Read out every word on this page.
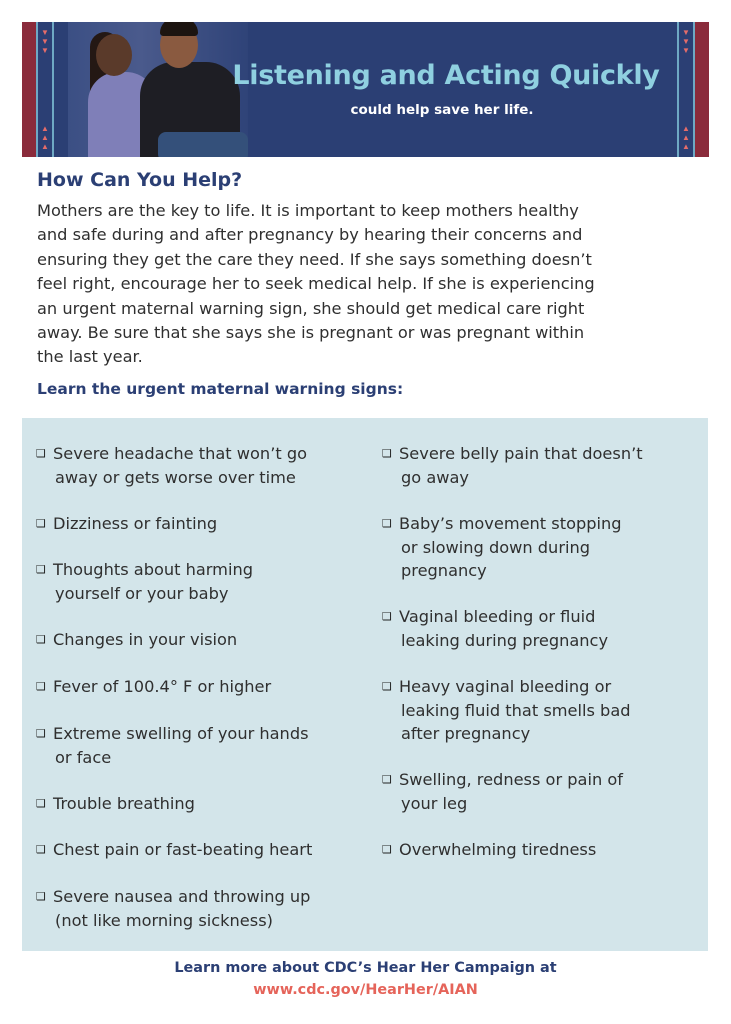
▼
▼
▼
▲
▲
▲
▼
▼
▼
▲
▲
▲
Listening and Acting Quickly
could help save her life.
How Can You Help?
Mothers are the key to life. It is important to keep mothers healthy
and safe during and after pregnancy by hearing their concerns and
ensuring they get the care they need. If she says something doesn’t
feel right, encourage her to seek medical help. If she is experiencing
an urgent maternal warning sign, she should get medical care right
away. Be sure that she says she is pregnant or was pregnant within
the last year.
Learn the urgent maternal warning signs:
❑ Severe headache that won’t go
away or gets worse over time
❑ Dizziness or fainting
❑ Thoughts about harming
yourself or your baby
❑ Changes in your vision
❑ Fever of 100.4° F or higher
❑ Extreme swelling of your hands
or face
❑ Trouble breathing
❑ Chest pain or fast-beating heart
❑ Severe nausea and throwing up
(not like morning sickness)
❑ Severe belly pain that doesn’t
go away
❑ Baby’s movement stopping
or slowing down during
pregnancy
❑ Vaginal bleeding or fluid
leaking during pregnancy
❑ Heavy vaginal bleeding or
leaking fluid that smells bad
after pregnancy
❑ Swelling, redness or pain of
your leg
❑ Overwhelming tiredness
Learn more about CDC’s Hear Her Campaign at
www.cdc.gov/HearHer/AIAN
